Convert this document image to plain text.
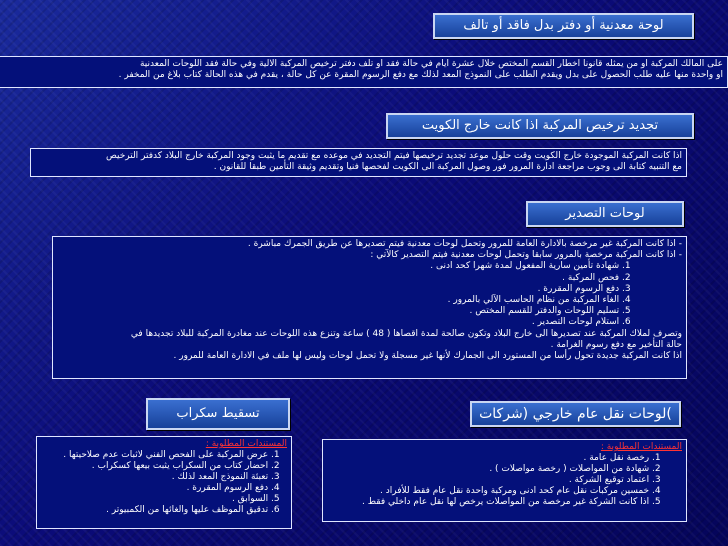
لوحة معدنية أو دفتر بدل فاقد أو تالف
على المالك المركبة او من يمثله قانونا اخطار القسم المختص خلال عشرة ايام في حالة فقد او تلف دفتر ترخيص المركبة الالية وفي حالة فقد اللوحات المعدنية
او واحدة منها عليه طلب الحصول على بدل ويقدم الطلب على النموذج المعد لذلك مع دفع الرسوم المقرة عن كل حالة ، يقدم في هذه الحالة كتاب بلاغ من المخفر .
تجديد ترخيص المركبة اذا كانت خارج الكويت
اذا كانت المركبة الموجودة خارج الكويت وقت حلول موعد تجديد ترخيصها فيتم التجديد في موعده مع تقديم ما يثبت وجود المركبة خارج البلاد كدفتر الترخيص
مع التنبيه كتابة الى وجوب مراجعة ادارة المرور فور وصول المركبة الى الكويت لفحصها فنيا وتقديم وثيقة التأمين طبقا للقانون .
لوحات التصدير
- اذا كانت المركبة غير مرخصة بالادارة العامة للمرور وتحمل لوحات معدنية فيتم تصديرها عن طريق الجمرك مباشرة .
- اذا كانت المركبة مرخصة بالمرور سابقا وتحمل لوحات معدنية فيتم التصدير كالآتي :
1. شهادة تأمين سارية المفعول لمدة شهرا كحد ادنى .
2. فحص المركبة .
3. دفع الرسوم المقررة .
4. الغاء المركبة من نظام الحاسب الآلي بالمرور .
5. تسليم اللوحات والدفتر للقسم المختص .
6. استلام لوحات التصدير .
وتصرف لملاك المركبة عند تصديرها الى خارج البلاد وتكون صالحة لمدة اقصاها ( 48 ) ساعة وتنزع هذه اللوحات عند مغادرة المركبة للبلاد تجديدها في
حالة التأخير مع دفع رسوم الغرامة .
اذا كانت المركبة جديدة تحول رأسا من المستورد الى الجمارك لأنها غير مسجلة ولا تحمل لوحات وليس لها ملف في الادارة العامة للمرور .
)لوحات نقل عام خارجي (شركات
المستندات المطلوبة :
1. رخصة نقل عامة .
2. شهادة من المواصلات ( رخصة مواصلات ) .
3. اعتماد توقيع الشركة .
4. خمسين مركبات نقل عام كحد ادنى ومركبة واحدة نقل عام فقط للأفراد .
5. اذا كانت الشركة غير مرخصة من المواصلات يرخص لها نقل عام داخلي فقط .
تسقيط سكراب
المستندات المطلوبة :
1. عرض المركبة على الفحص الفني لاثبات عدم صلاحيتها .
2. احضار كتاب من السكراب يثبت بيعها كسكراب .
3. تعبئة النموذج المعد لذلك .
4. دفع الرسوم المقررة .
5. السوابق .
6. تدقيق الموظف عليها والغائها من الكمبيوتر .
